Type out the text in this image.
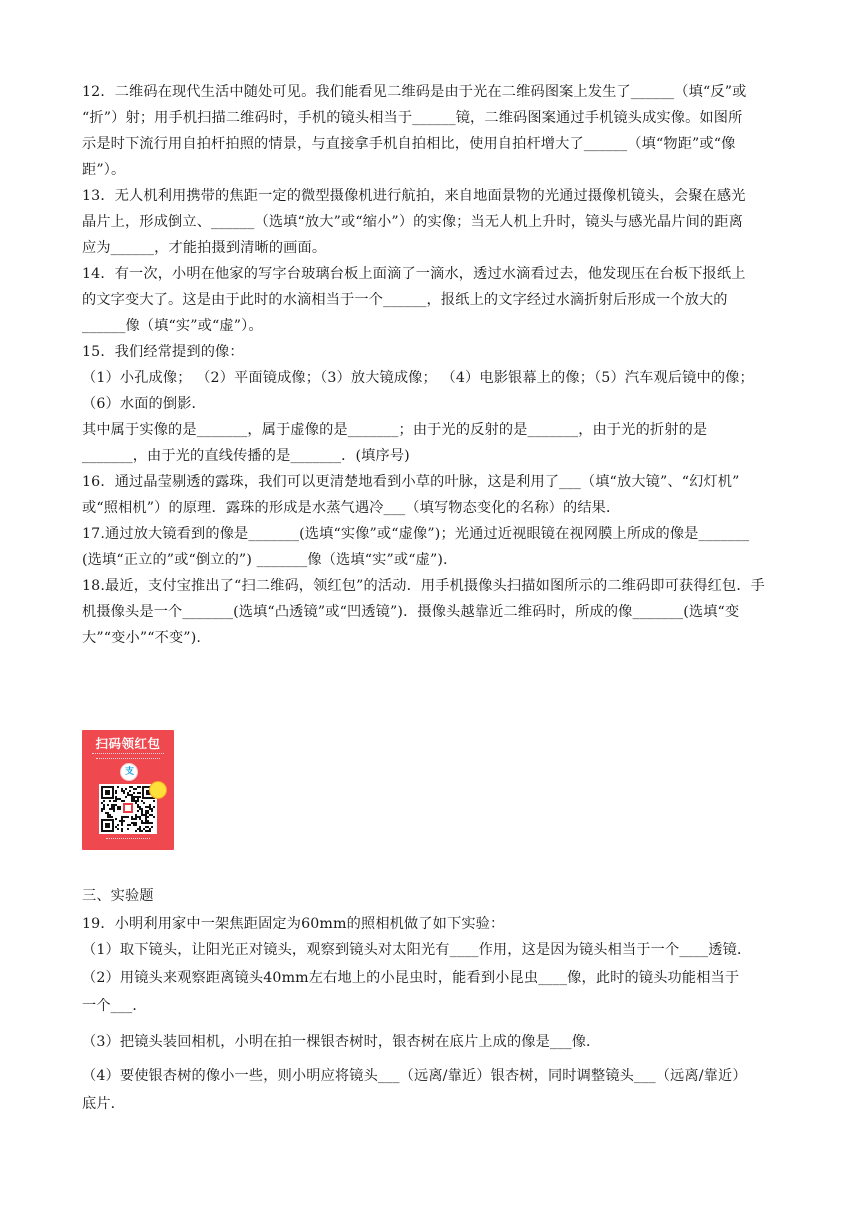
12．二维码在现代生活中随处可见。我们能看见二维码是由于光在二维码图案上发生了______（填“反”或
“折”）射；用手机扫描二维码时，手机的镜头相当于______镜，二维码图案通过手机镜头成实像。如图所
示是时下流行用自拍杆拍照的情景，与直接拿手机自拍相比，使用自拍杆增大了______（填“物距”或“像
距”）。
13．无人机利用携带的焦距一定的微型摄像机进行航拍，来自地面景物的光通过摄像机镜头，会聚在感光
晶片上，形成倒立、______（选填“放大”或“缩小”）的实像；当无人机上升时，镜头与感光晶片间的距离
应为______，才能拍摄到清晰的画面。
14．有一次，小明在他家的写字台玻璃台板上面滴了一滴水，透过水滴看过去，他发现压在台板下报纸上
的文字变大了。这是由于此时的水滴相当于一个______，报纸上的文字经过水滴折射后形成一个放大的
______像（填“实”或“虚”）。
15．我们经常提到的像：
（1）小孔成像； （2）平面镜成像；（3）放大镜成像； （4）电影银幕上的像；（5）汽车观后镜中的像；
（6）水面的倒影．
其中属于实像的是_______，属于虚像的是_______；由于光的反射的是_______，由于光的折射的是
_______，由于光的直线传播的是_______．(填序号)
16．通过晶莹剔透的露珠，我们可以更清楚地看到小草的叶脉，这是利用了___（填“放大镜”、“幻灯机”
或“照相机”）的原理．露珠的形成是水蒸气遇冷___（填写物态变化的名称）的结果．
17.通过放大镜看到的像是_______(选填“实像”或“虚像”)；光通过近视眼镜在视网膜上所成的像是_______
(选填“正立的”或“倒立的”) _______像（选填“实”或“虚”).
18.最近，支付宝推出了“扫二维码，领红包”的活动．用手机摄像头扫描如图所示的二维码即可获得红包．手
机摄像头是一个_______(选填“凸透镜”或“凹透镜”)．摄像头越靠近二维码时，所成的像_______(选填“变
大”“变小”“不变”).
扫码领红包
支
三、实验题
19．小明利用家中一架焦距固定为60mm的照相机做了如下实验：
（1）取下镜头，让阳光正对镜头，观察到镜头对太阳光有____作用，这是因为镜头相当于一个____透镜．
（2）用镜头来观察距离镜头40mm左右地上的小昆虫时，能看到小昆虫____像，此时的镜头功能相当于
一个___．
（3）把镜头装回相机，小明在拍一棵银杏树时，银杏树在底片上成的像是___像．
（4）要使银杏树的像小一些，则小明应将镜头___（远离/靠近）银杏树，同时调整镜头___（远离/靠近）
底片．
